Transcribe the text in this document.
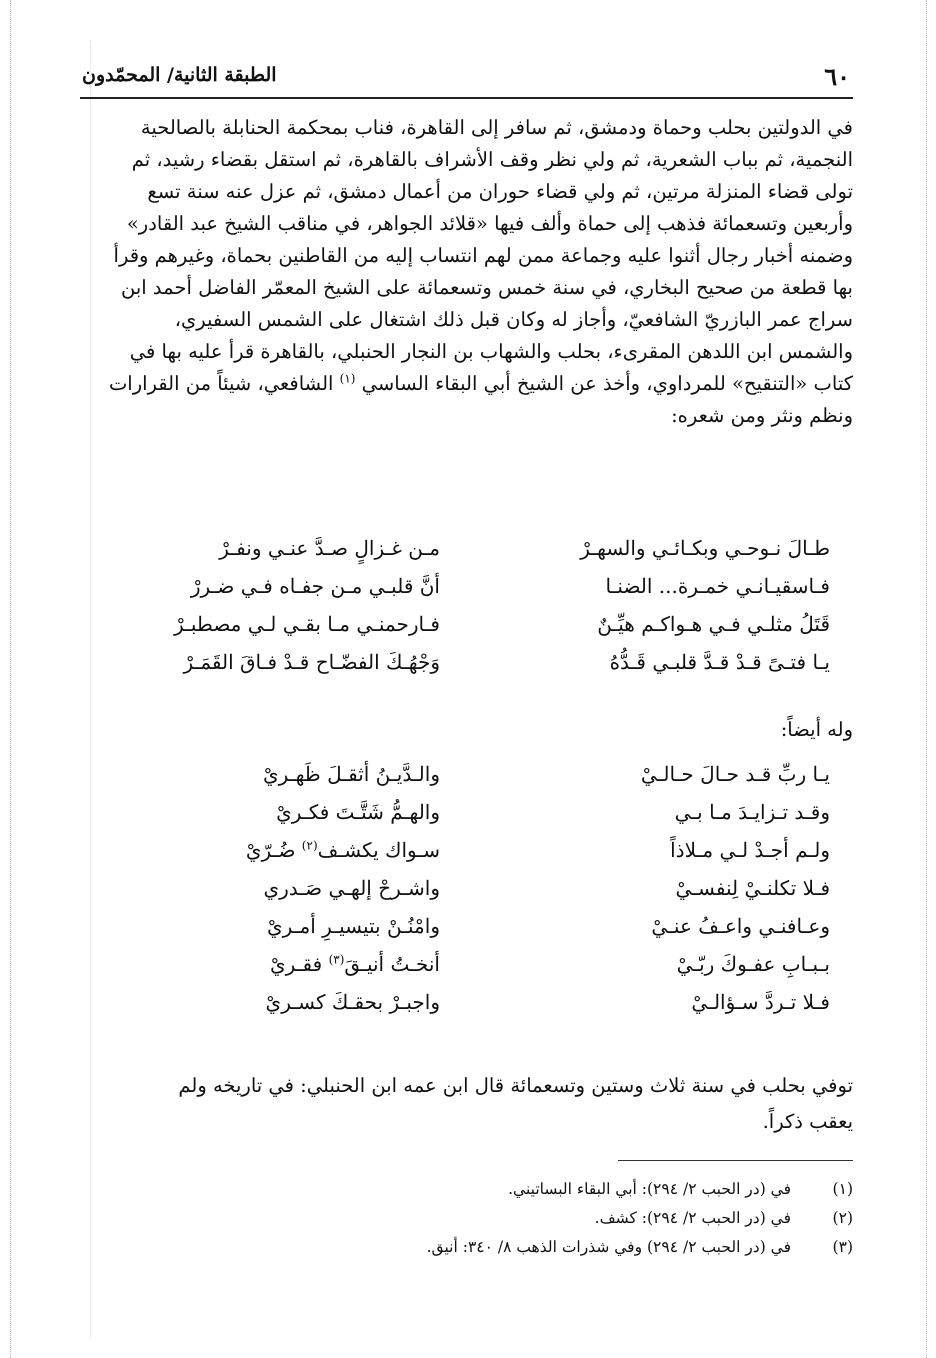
٦٠
الطبقة الثانية/ المحمّدون

في الدولتين بحلب وحماة ودمشق، ثم سافر إلى القاهرة، فناب بمحكمة الحنابلة بالصالحية

النجمية، ثم بباب الشعرية، ثم ولي نظر وقف الأشراف بالقاهرة، ثم استقل بقضاء رشيد، ثم

تولى قضاء المنزلة مرتين، ثم ولي قضاء حوران من أعمال دمشق، ثم عزل عنه سنة تسع

وأربعين وتسعمائة فذهب إلى حماة وألف فيها «قلائد الجواهر، في مناقب الشيخ عبد القادر»

وضمنه أخبار رجال أثنوا عليه وجماعة ممن لهم انتساب إليه من القاطنين بحماة، وغيرهم وقرأ

بها قطعة من صحيح البخاري، في سنة خمس وتسعمائة على الشيخ المعمّر الفاضل أحمد ابن

سراج عمر البازريّ الشافعيّ، وأجاز له وكان قبل ذلك اشتغال على الشمس السفيري،

والشمس ابن اللدهن المقرىء، بحلب والشهاب بن النجار الحنبلي، بالقاهرة قرأ عليه بها في

كتاب «التنقيح» للمرداوي، وأخذ عن الشيخ أبي البقاء الساسي $^{(١)}$ الشافعي، شيئاً من القرارات

ونظم ونثر ومن شعره:

طـالَ نـوحـي وبكـائـي والسهـرْ
مـن غـزالٍ صـدَّ عنـي ونفـرْ
فـاسقيـانـي خمـرة... الضنـا
أنَّ قلبـي مـن جفـاه فـي ضـررْ
قَتَلُ مثلـي فـي هـواكـم هيِّـنٌ
فـارحمنـي مـا بقـي لـي مصطبـرْ
يـا فتـىً قـدْ قـدَّ قلبـي قَـدُّهُ
وَجْهُـكَ الفضّـاح قـدْ فـاقَ القَمَـرْ
وله أيضاً:
يـا ربِّ قـد حـالَ حـالـيْ
والـدَّيـنُ أثقـلَ ظَهـريْ
وقـد تـزايـدَ مـا بـي
والهـمُّ شَتَّـتَ فكـريْ
ولـم أجـدْ لـي مـلاذاً
سـواك يكشـف$^{(٢)}$ ضُـرّيْ
فـلا تكلنـيْ لِنفسـيْ
واشـرحْ إلهـي صَـدري
وعـافنـي واعـفُ عنـيْ
وامْنُـنْ بتيسيـرِ أمـريْ
بـبـابِ عفـوكَ ربّـيْ
أنخـتُ أنيـقَ$^{(٣)}$ فقـريْ
فـلا تـردَّ سـؤالـيْ
واجبـرْ بحقـكَ كسـريْ

توفي بحلب في سنة ثلاث وستين وتسعمائة قال ابن عمه ابن الحنبلي: في تاريخه ولم

يعقب ذكراً.

(١)
في (در الحبب ٢/ ٢٩٤): أبي البقاء البساتيني.
(٢)
في (در الحبب ٢/ ٢٩٤): كشف.
(٣)
في (در الحبب ٢/ ٢٩٤) وفي شذرات الذهب ٨/ ٣٤٠: أنيق.
